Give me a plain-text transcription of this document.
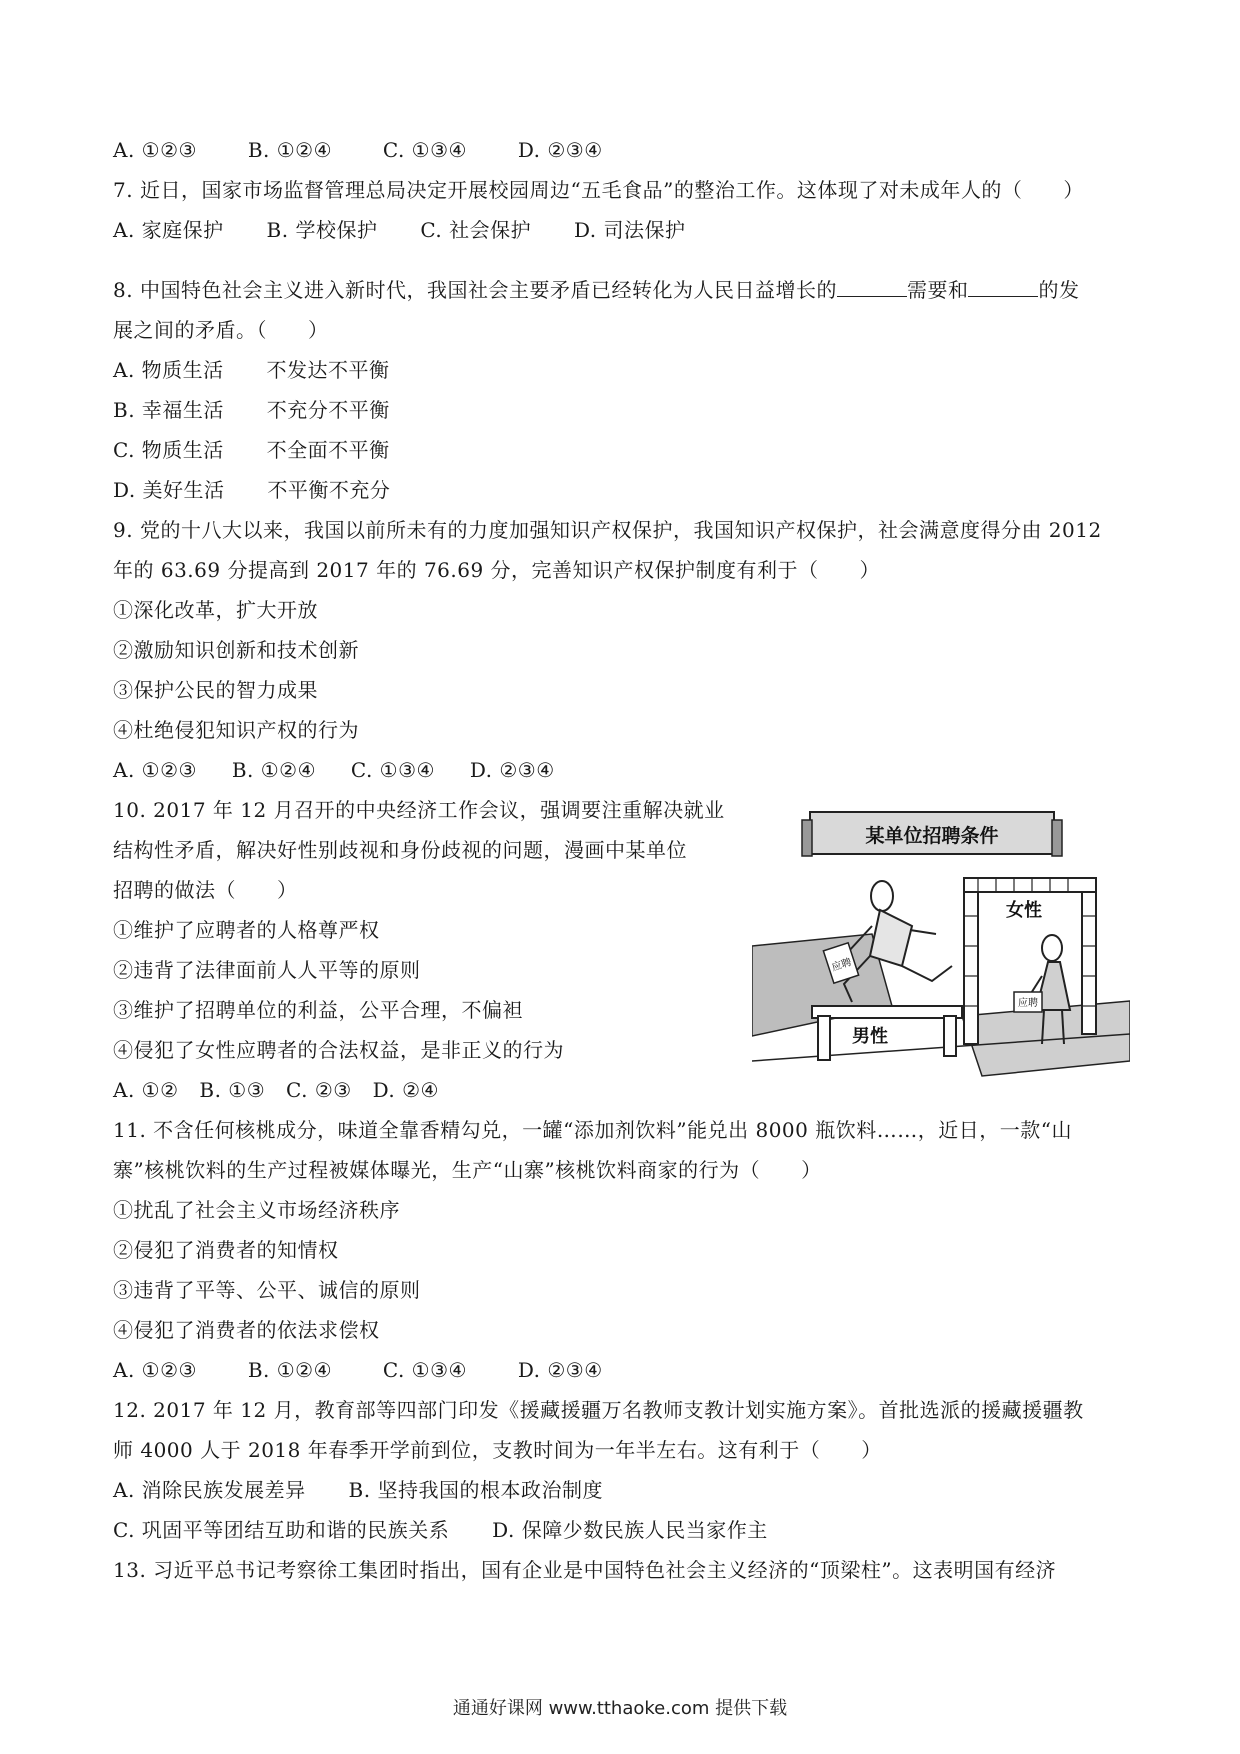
A. ①②③	B. ①②④	C. ①③④	D. ②③④
7. 近日，国家市场监督管理总局决定开展校园周边“五毛食品”的整治工作。这体现了对未成年人的（　　）
A. 家庭保护 B. 学校保护 C. 社会保护 D. 司法保护
8. 中国特色社会主义进入新时代，我国社会主要矛盾已经转化为人民日益增长的	需要和	的发
展之间的矛盾。（　　）
A. 物质生活 不发达不平衡
B. 幸福生活 不充分不平衡
C. 物质生活 不全面不平衡
D. 美好生活 不平衡不充分
9. 党的十八大以来，我国以前所未有的力度加强知识产权保护，我国知识产权保护，社会满意度得分由 2012
年的 63.69 分提高到 2017 年的 76.69 分，完善知识产权保护制度有利于（　　）
①深化改革，扩大开放
②激励知识创新和技术创新
③保护公民的智力成果
④杜绝侵犯知识产权的行为
A. ①②③ B. ①②④ C. ①③④ D. ②③④
10. 2017 年 12 月召开的中央经济工作会议，强调要注重解决就业
结构性矛盾，解决好性别歧视和身份歧视的问题，漫画中某单位
招聘的做法（　　）
①维护了应聘者的人格尊严权
②违背了法律面前人人平等的原则
③维护了招聘单位的利益，公平合理，不偏袒
④侵犯了女性应聘者的合法权益，是非正义的行为
A. ①② B. ①③ C. ②③ D. ②④
某单位招聘条件
女性
男性
应聘
应聘
11. 不含任何核桃成分，味道全靠香精勾兑，一罐“添加剂饮料”能兑出 8000 瓶饮料……，近日，一款“山
寨”核桃饮料的生产过程被媒体曝光，生产“山寨”核桃饮料商家的行为（　　）
①扰乱了社会主义市场经济秩序
②侵犯了消费者的知情权
③违背了平等、公平、诚信的原则
④侵犯了消费者的依法求偿权
A. ①②③	B. ①②④	C. ①③④	D. ②③④
12. 2017 年 12 月，教育部等四部门印发《援藏援疆万名教师支教计划实施方案》。首批选派的援藏援疆教
师 4000 人于 2018 年春季开学前到位，支教时间为一年半左右。这有利于（　　）
A. 消除民族发展差异 B. 坚持我国的根本政治制度
C. 巩固平等团结互助和谐的民族关系 D. 保障少数民族人民当家作主
13. 习近平总书记考察徐工集团时指出，国有企业是中国特色社会主义经济的“顶梁柱”。这表明国有经济
通通好课网 www.tthaoke.com 提供下载
